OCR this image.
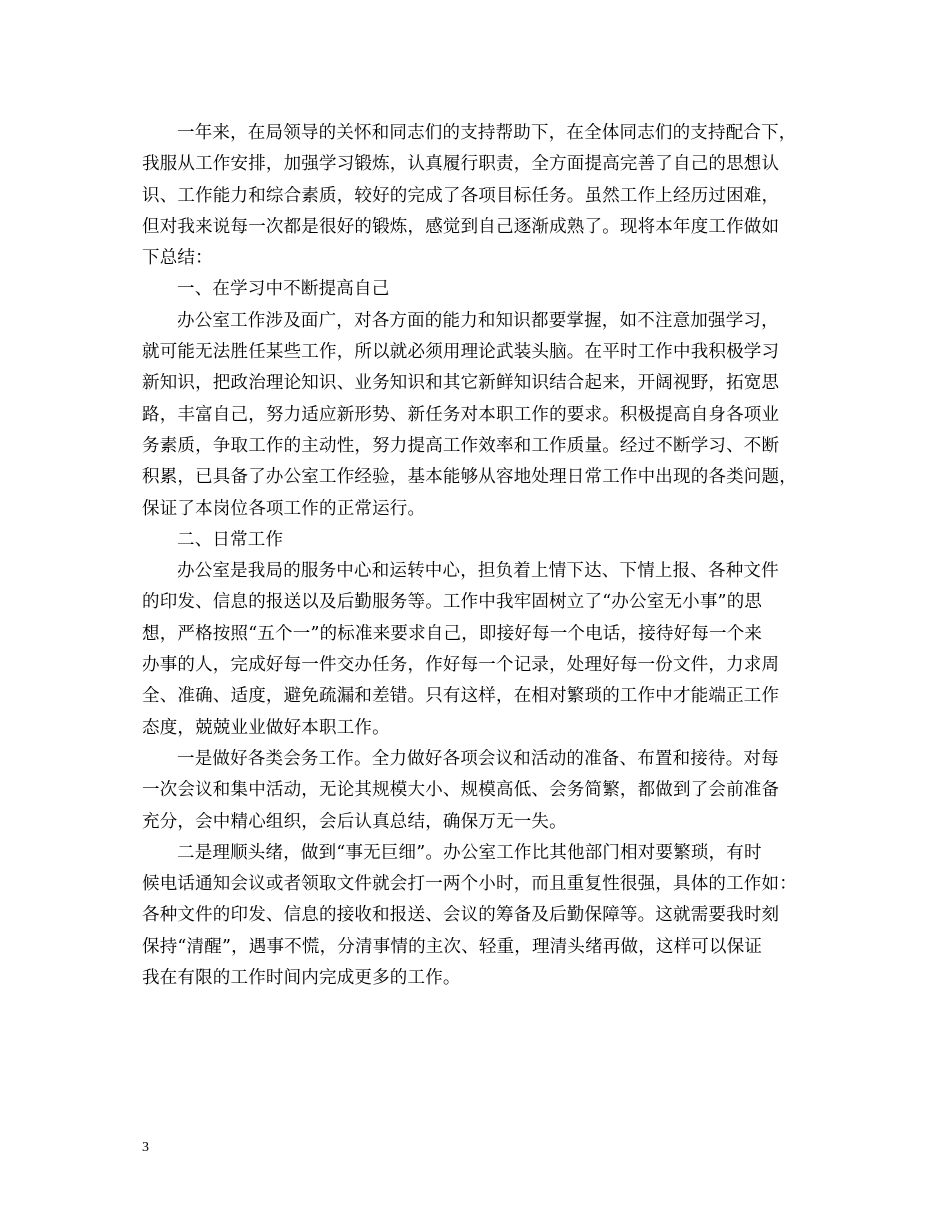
一年来，在局领导的关怀和同志们的支持帮助下，在全体同志们的支持配合下，
我服从工作安排，加强学习锻炼，认真履行职责，全方面提高完善了自己的思想认
识、工作能力和综合素质，较好的完成了各项目标任务。虽然工作上经历过困难，
但对我来说每一次都是很好的锻炼，感觉到自己逐渐成熟了。现将本年度工作做如
下总结：

一、在学习中不断提高自己

办公室工作涉及面广，对各方面的能力和知识都要掌握，如不注意加强学习，
就可能无法胜任某些工作，所以就必须用理论武装头脑。在平时工作中我积极学习
新知识，把政治理论知识、业务知识和其它新鲜知识结合起来，开阔视野，拓宽思
路，丰富自己，努力适应新形势、新任务对本职工作的要求。积极提高自身各项业
务素质，争取工作的主动性，努力提高工作效率和工作质量。经过不断学习、不断
积累，已具备了办公室工作经验，基本能够从容地处理日常工作中出现的各类问题，
保证了本岗位各项工作的正常运行。

二、日常工作

办公室是我局的服务中心和运转中心，担负着上情下达、下情上报、各种文件
的印发、信息的报送以及后勤服务等。工作中我牢固树立了“办公室无小事”的思
想，严格按照“五个一”的标准来要求自己，即接好每一个电话，接待好每一个来
办事的人，完成好每一件交办任务，作好每一个记录，处理好每一份文件，力求周
全、准确、适度，避免疏漏和差错。只有这样，在相对繁琐的工作中才能端正工作
态度，兢兢业业做好本职工作。

一是做好各类会务工作。全力做好各项会议和活动的准备、布置和接待。对每
一次会议和集中活动，无论其规模大小、规模高低、会务简繁，都做到了会前准备
充分，会中精心组织，会后认真总结，确保万无一失。

二是理顺头绪，做到“事无巨细”。办公室工作比其他部门相对要繁琐，有时
候电话通知会议或者领取文件就会打一两个小时，而且重复性很强，具体的工作如：
各种文件的印发、信息的接收和报送、会议的筹备及后勤保障等。这就需要我时刻
保持“清醒”，遇事不慌，分清事情的主次、轻重，理清头绪再做，这样可以保证
我在有限的工作时间内完成更多的工作。

3
